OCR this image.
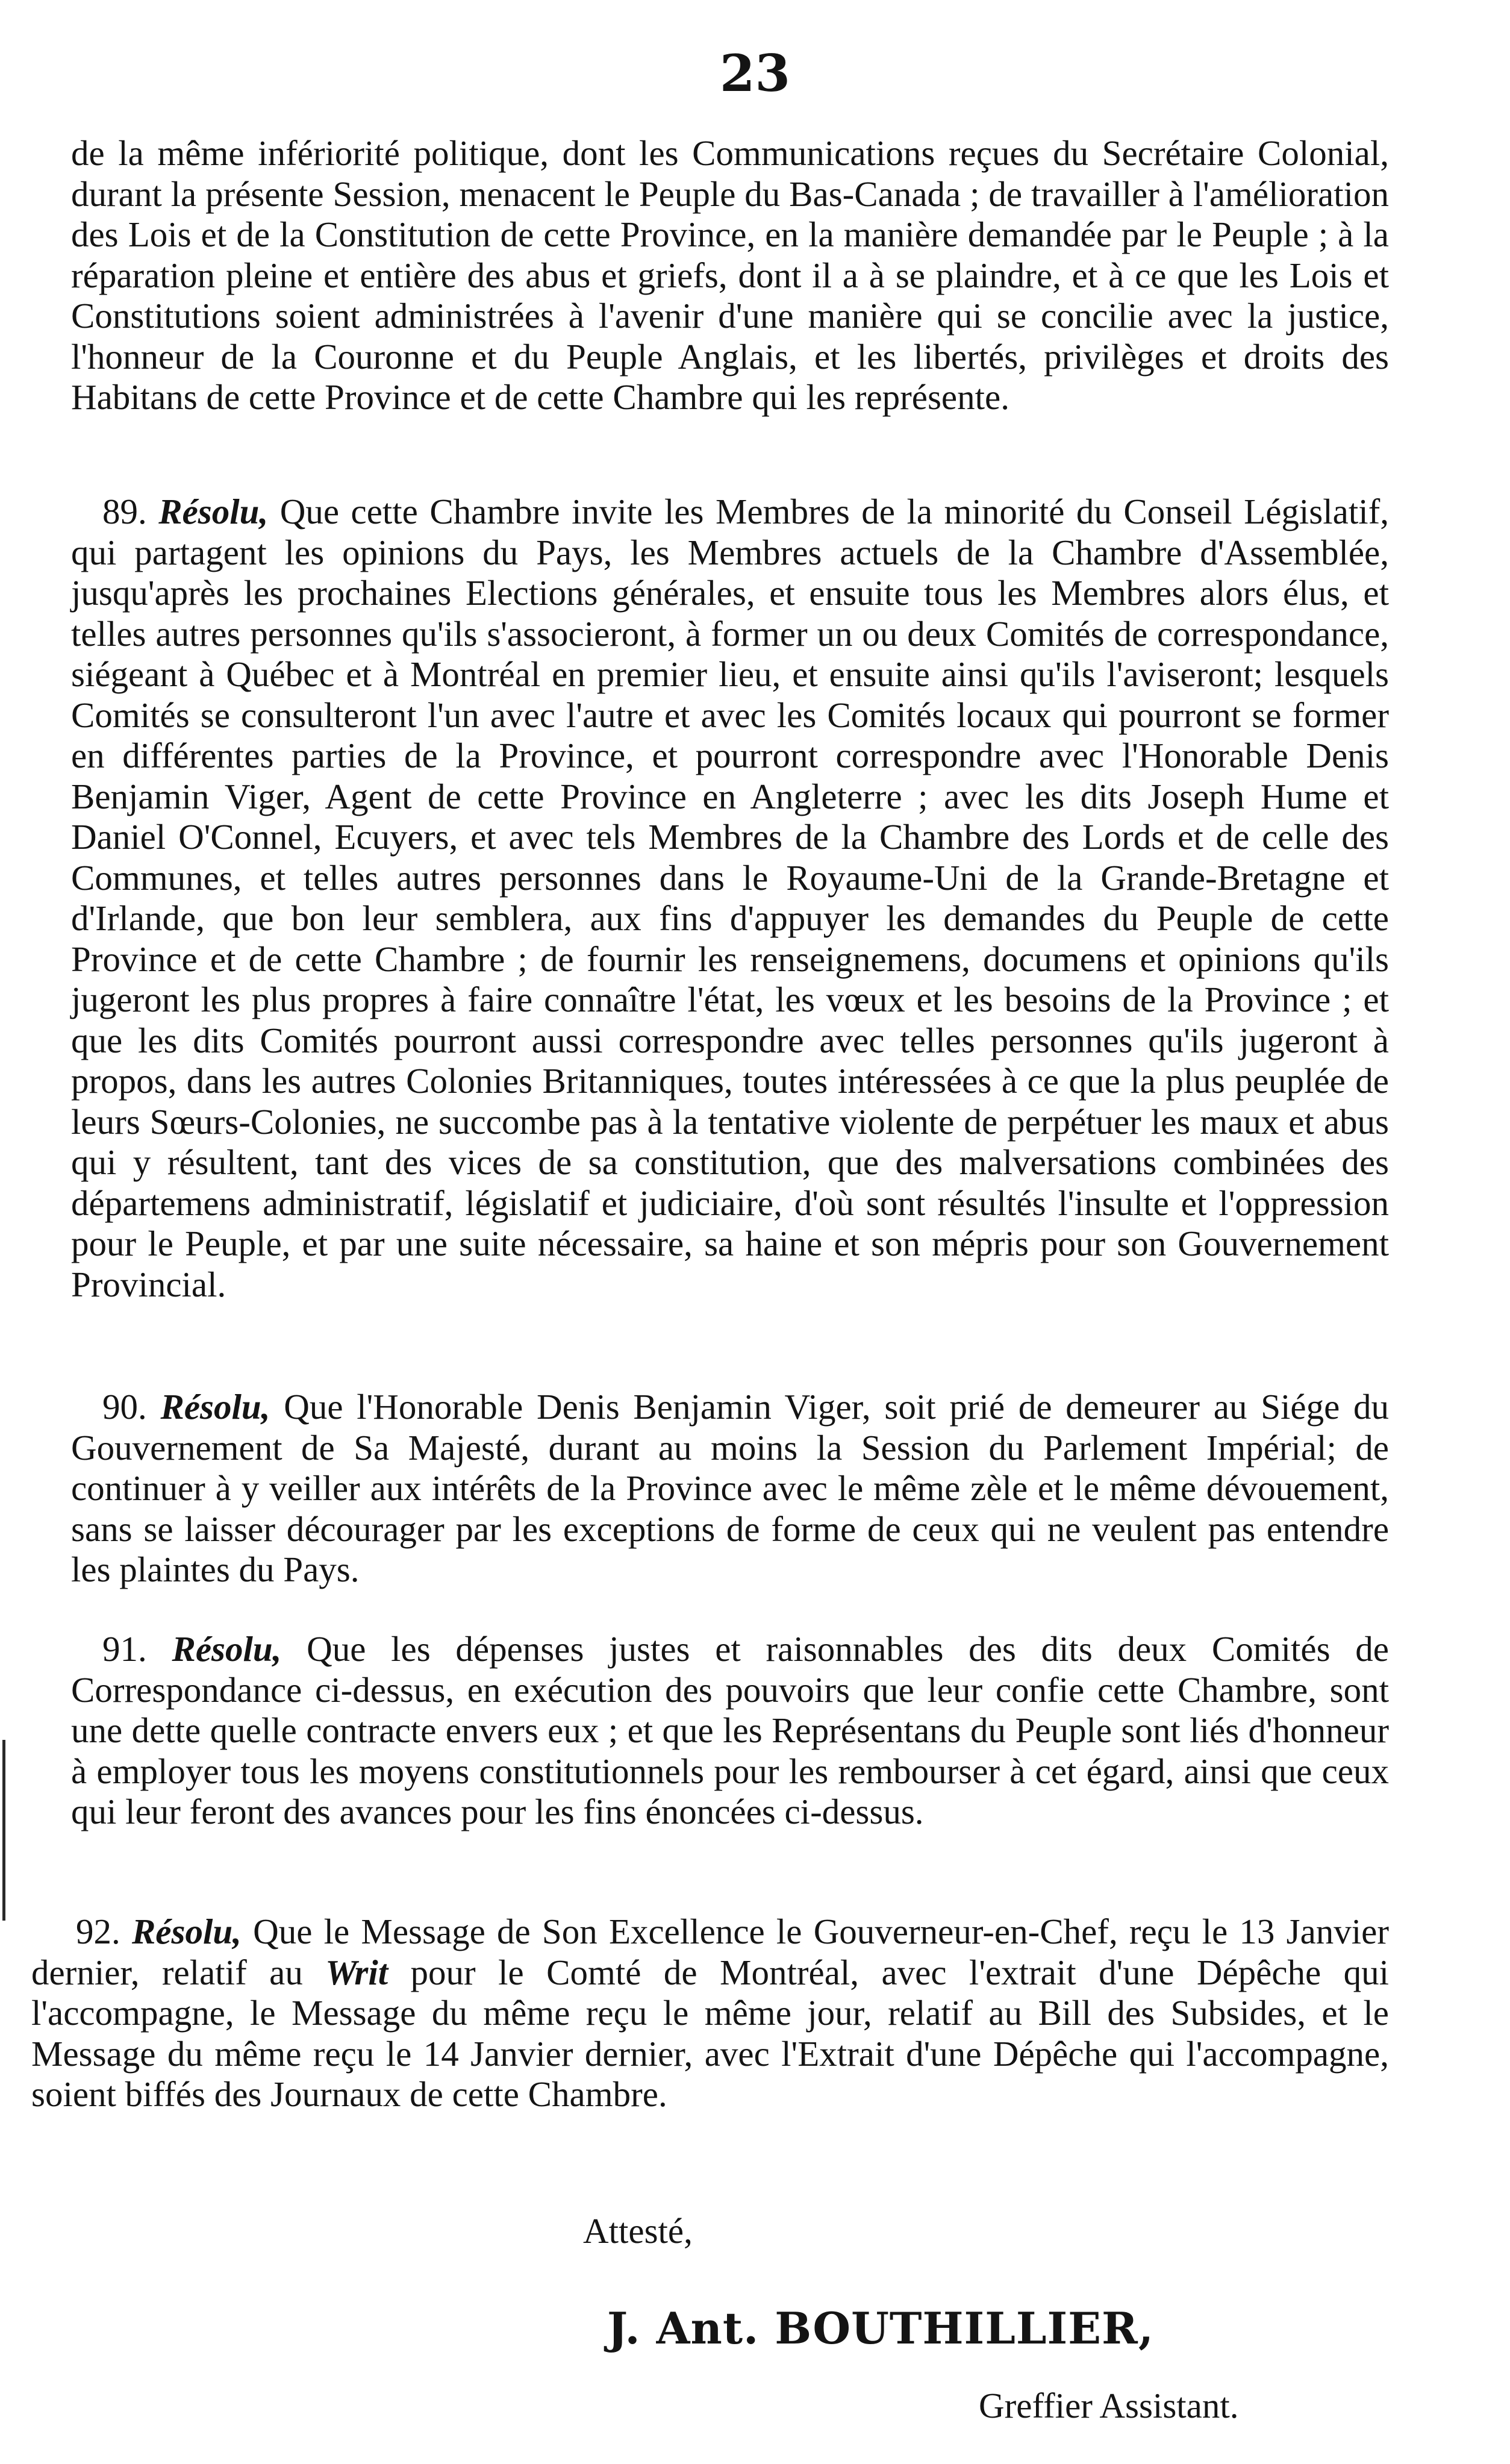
23

de la même infériorité politique, dont les Communications reçues du Secrétaire Colonial, durant la présente Session, menacent le Peuple du Bas-Canada ; de travailler à l'amélioration des Lois et de la Constitution de cette Province, en la manière demandée par le Peuple ; à la réparation pleine et entière des abus et griefs, dont il a à se plaindre, et à ce que les Lois et Constitutions soient administrées à l'avenir d'une manière qui se concilie avec la justice, l'honneur de la Couronne et du Peuple Anglais, et les libertés, privilèges et droits des Habitans de cette Province et de cette Chambre qui les représente.

89. Résolu, Que cette Chambre invite les Membres de la minorité du Conseil Législatif, qui partagent les opinions du Pays, les Membres actuels de la Chambre d'Assemblée, jusqu'après les prochaines Elections générales, et ensuite tous les Membres alors élus, et telles autres personnes qu'ils s'associeront, à former un ou deux Comités de correspondance, siégeant à Québec et à Montréal en premier lieu, et ensuite ainsi qu'ils l'aviseront; lesquels Comités se consulteront l'un avec l'autre et avec les Comités locaux qui pourront se former en différentes parties de la Province, et pourront correspondre avec l'Honorable Denis Benjamin Viger, Agent de cette Province en Angleterre ; avec les dits Joseph Hume et Daniel O'Connel, Ecuyers, et avec tels Membres de la Chambre des Lords et de celle des Communes, et telles autres personnes dans le Royaume-Uni de la Grande-Bretagne et d'Irlande, que bon leur semblera, aux fins d'appuyer les demandes du Peuple de cette Province et de cette Chambre ; de fournir les renseignemens, documens et opinions qu'ils jugeront les plus propres à faire connaître l'état, les vœux et les besoins de la Province ; et que les dits Comités pourront aussi correspondre avec telles personnes qu'ils jugeront à propos, dans les autres Colonies Britanniques, toutes intéressées à ce que la plus peuplée de leurs Sœurs-Colonies, ne succombe pas à la tentative violente de perpétuer les maux et abus qui y résultent, tant des vices de sa constitution, que des malversations combinées des départemens administratif, législatif et judiciaire, d'où sont résultés l'insulte et l'oppression pour le Peuple, et par une suite nécessaire, sa haine et son mépris pour son Gouvernement Provincial.

90. Résolu, Que l'Honorable Denis Benjamin Viger, soit prié de demeurer au Siége du Gouvernement de Sa Majesté, durant au moins la Session du Parlement Impérial; de continuer à y veiller aux intérêts de la Province avec le même zèle et le même dévouement, sans se laisser décourager par les exceptions de forme de ceux qui ne veulent pas entendre les plaintes du Pays.

91. Résolu, Que les dépenses justes et raisonnables des dits deux Comités de Correspondance ci-dessus, en exécution des pouvoirs que leur confie cette Chambre, sont une dette quelle contracte envers eux ; et que les Représentans du Peuple sont liés d'honneur à employer tous les moyens constitutionnels pour les rembourser à cet égard, ainsi que ceux qui leur feront des avances pour les fins énoncées ci-dessus.

92. Résolu, Que le Message de Son Excellence le Gouverneur-en-Chef, reçu le 13 Janvier dernier, relatif au Writ pour le Comté de Montréal, avec l'extrait d'une Dépêche qui l'accompagne, le Message du même reçu le même jour, relatif au Bill des Subsides, et le Message du même reçu le 14 Janvier dernier, avec l'Extrait d'une Dépêche qui l'accompagne, soient biffés des Journaux de cette Chambre.

Attesté,
J. Ant. BOUTHILLIER,
Greffier Assistant.
